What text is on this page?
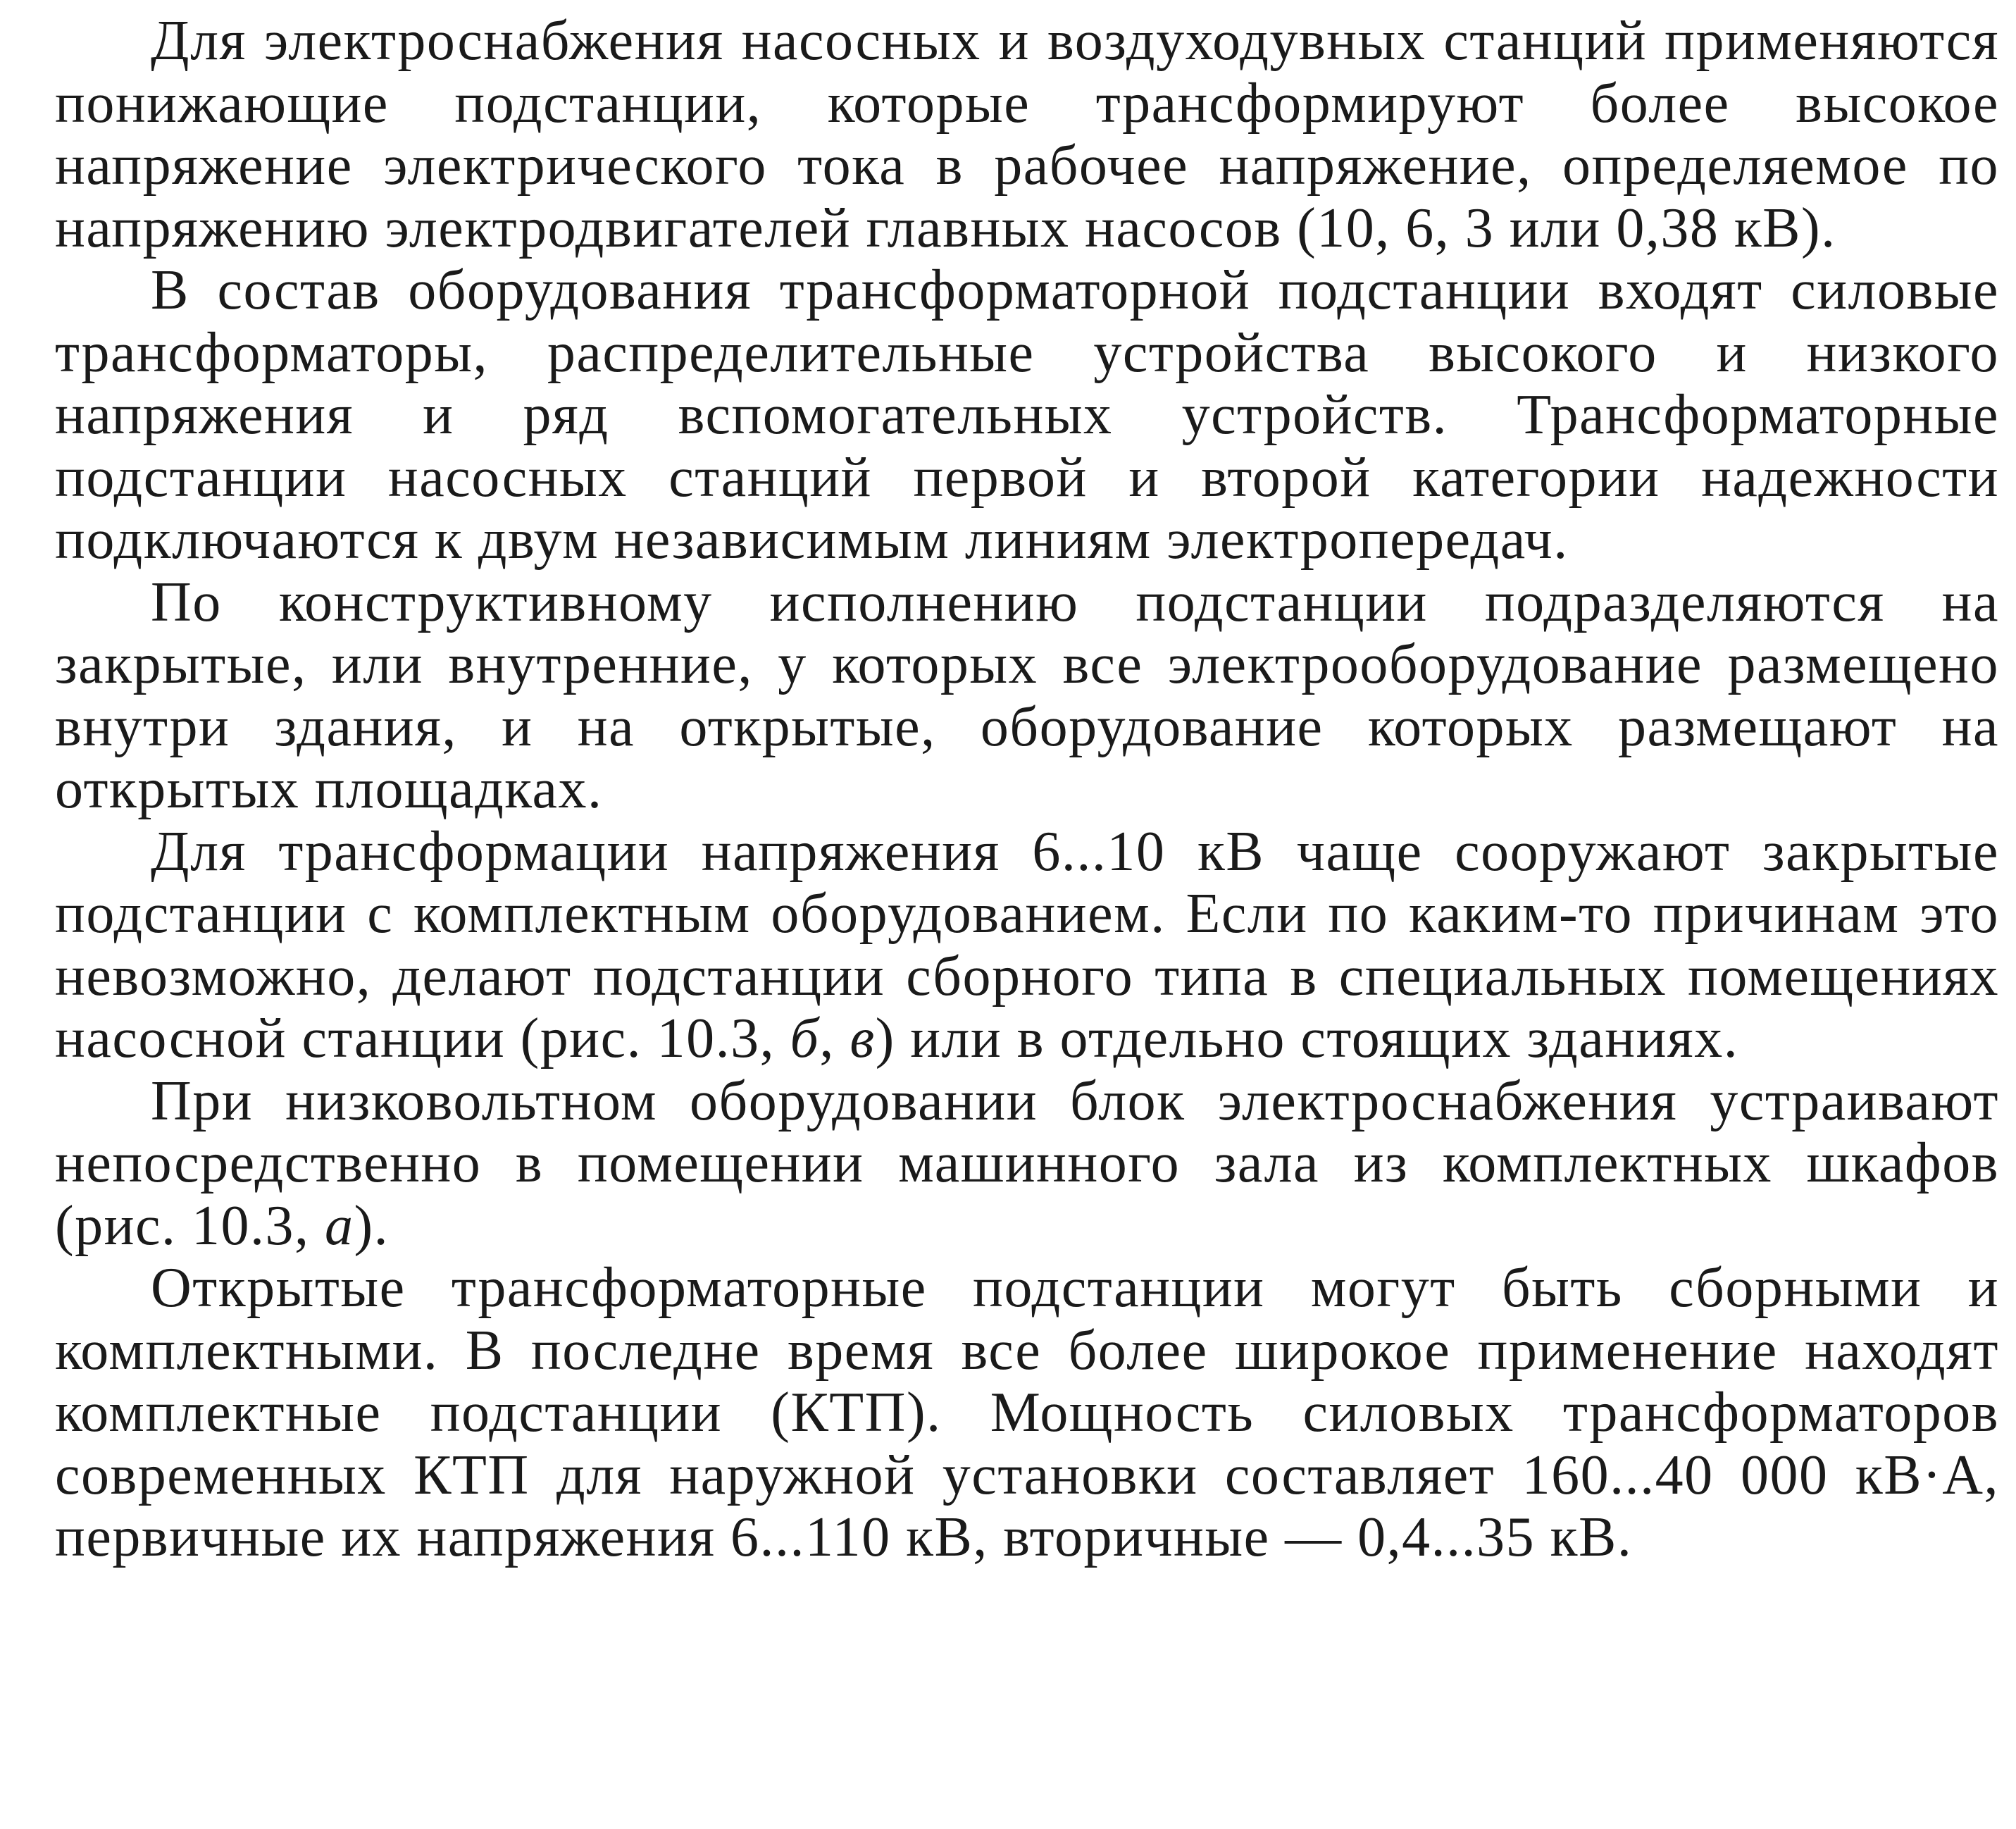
Для электроснабжения насосных и воздуходувных станций применяются понижающие подстанции, которые трансформируют более высокое напряжение электрического тока в рабочее напряжение, определяемое по напряжению электродвигателей главных насосов (10, 6, 3 или 0,38 кВ).

В состав оборудования трансформаторной подстанции входят силовые трансформаторы, распределительные устройства высокого и низкого напряжения и ряд вспомогательных устройств. Трансформаторные подстанции насосных станций первой и второй категории надежности подключаются к двум независимым линиям электропередач.

По конструктивному исполнению подстанции подразделяются на закрытые, или внутренние, у которых все электрооборудование размещено внутри здания, и на открытые, оборудование которых размещают на открытых площадках.

Для трансформации напряжения 6...10 кВ чаще сооружают закрытые подстанции с комплектным оборудованием. Если по каким-то причинам это невозможно, делают подстанции сборного типа в специальных помещениях насосной станции (рис. 10.3, б, в) или в отдельно стоящих зданиях.

При низковольтном оборудовании блок электроснабжения устраивают непосредственно в помещении машинного зала из комплектных шкафов (рис. 10.3, а).

Открытые трансформаторные подстанции могут быть сборными и комплектными. В последне время все более широкое применение находят комплектные подстанции (КТП). Мощность силовых трансформаторов современных КТП для наружной установки составляет 160...40 000 кВ·А, первичные их напряжения 6...110 кВ, вторичные — 0,4...35 кВ.
